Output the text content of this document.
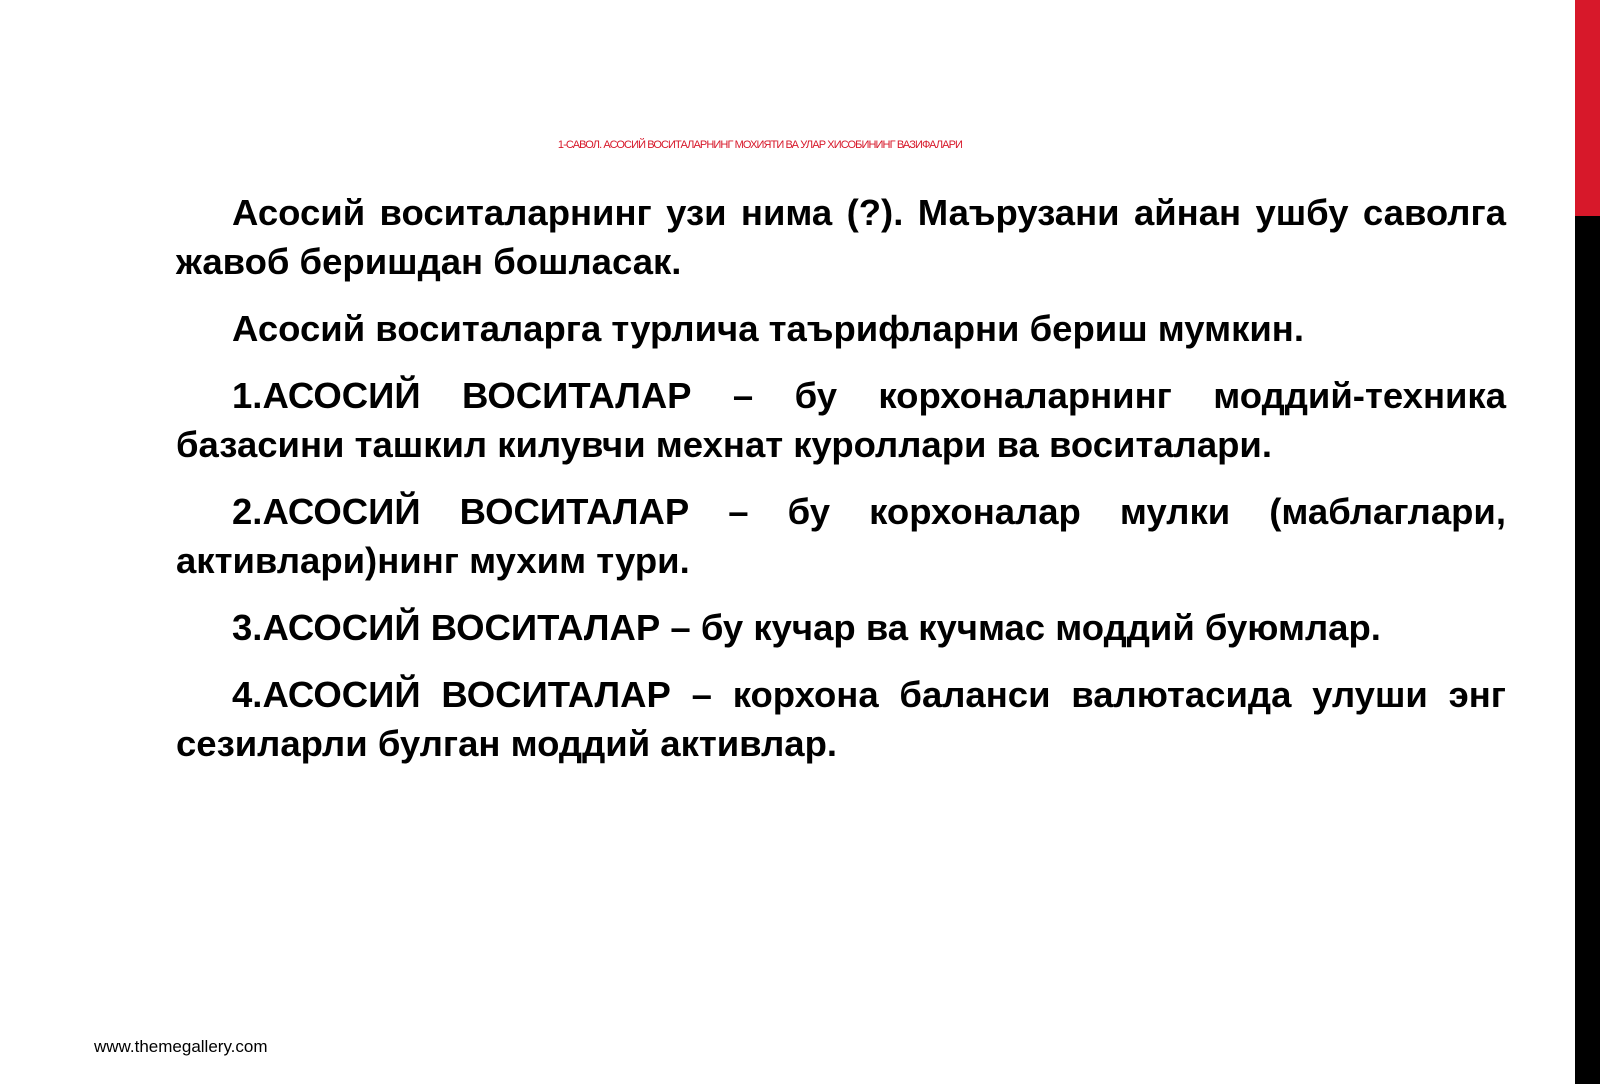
1-САВОЛ. АСОСИЙ ВОСИТАЛАРНИНГ МОХИЯТИ ВА УЛАР ХИСОБИНИНГ ВАЗИФАЛАРИ

Асосий воситаларнинг узи нима (?). Маърузани айнан ушбу саволга жавоб беришдан бошласак.

Асосий воситаларга турлича таърифларни бериш мумкин.

1.АСОСИЙ ВОСИТАЛАР – бу корхоналарнинг моддий-техника базасини ташкил килувчи мехнат куроллари ва воситалари.

2.АСОСИЙ ВОСИТАЛАР – бу корхоналар мулки (маблаглари, активлари)нинг мухим тури.

3.АСОСИЙ ВОСИТАЛАР – бу кучар ва кучмас моддий буюмлар.

4.АСОСИЙ ВОСИТАЛАР – корхона баланси валютасида улуши энг сезиларли булган моддий активлар.

www.themegallery.com
